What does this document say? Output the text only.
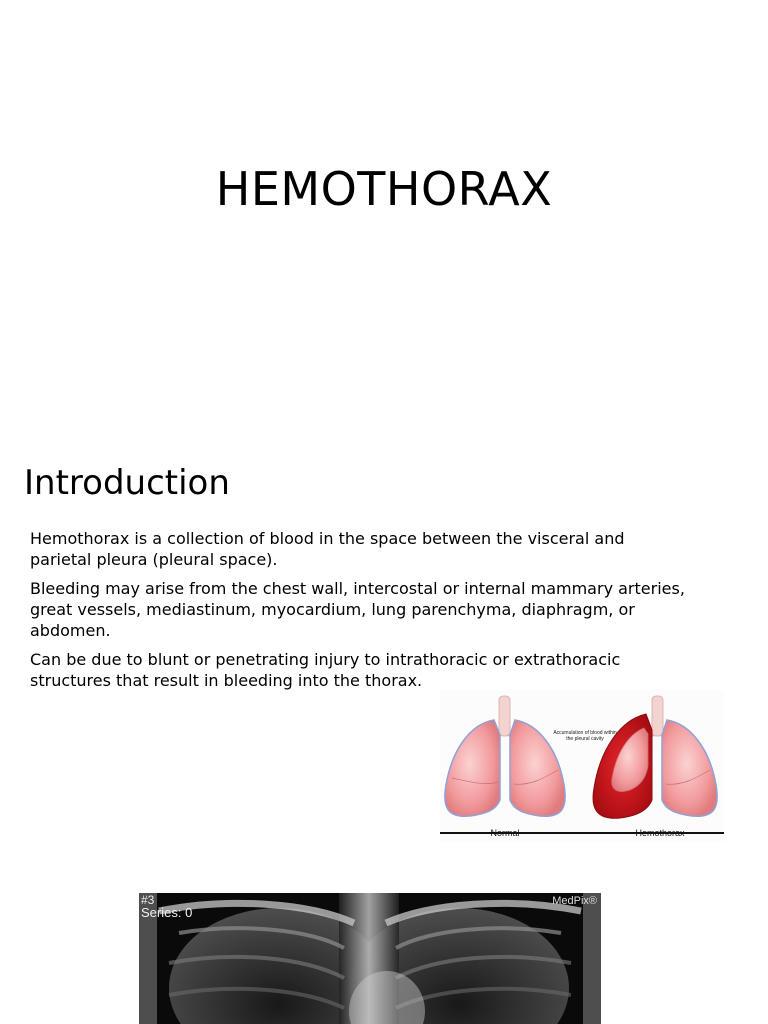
HEMOTHORAX
Introduction

Hemothorax is a collection of blood in the space between the visceral and parietal pleura (pleural space).

Bleeding may arise from the chest wall, intercostal or internal mammary arteries, great vessels, mediastinum, myocardium, lung parenchyma, diaphragm, or abdomen.

Can be due to blunt or penetrating injury to intrathoracic or extrathoracic structures that result in bleeding into the thorax.

Accumulation of blood within the pleural cavity
Normal	Hemothorax
#3
Series: 0
MedPix®
